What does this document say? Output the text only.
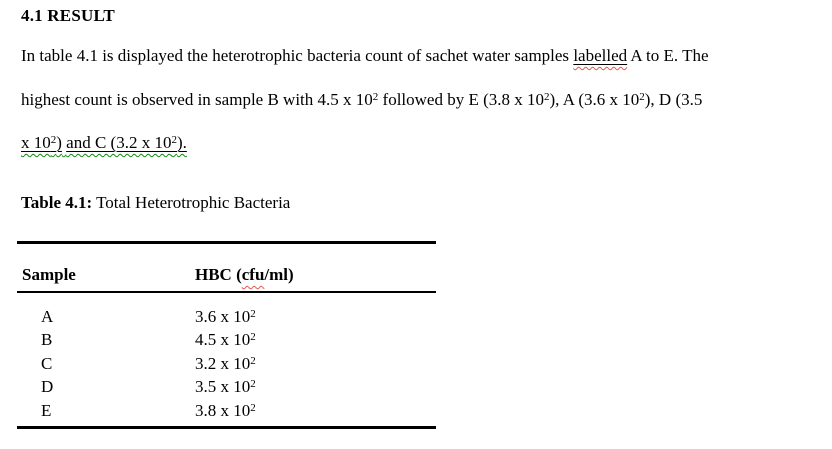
4.1 RESULT
In table 4.1 is displayed the heterotrophic bacteria count of sachet water samples labelled A to E. The
highest count is observed in sample B with 4.5 x $10^2$ followed by E (3.8 x $10^2$), A (3.6 x $10^2$), D (3.5
x $10^2$) and C (3.2 x $10^2$).
Table 4.1: Total Heterotrophic Bacteria
Sample	HBC (cfu/ml)
A	3.6 x $10^2$
B	4.5 x $10^2$
C	3.2 x $10^2$
D	3.5 x $10^2$
E	3.8 x $10^2$
